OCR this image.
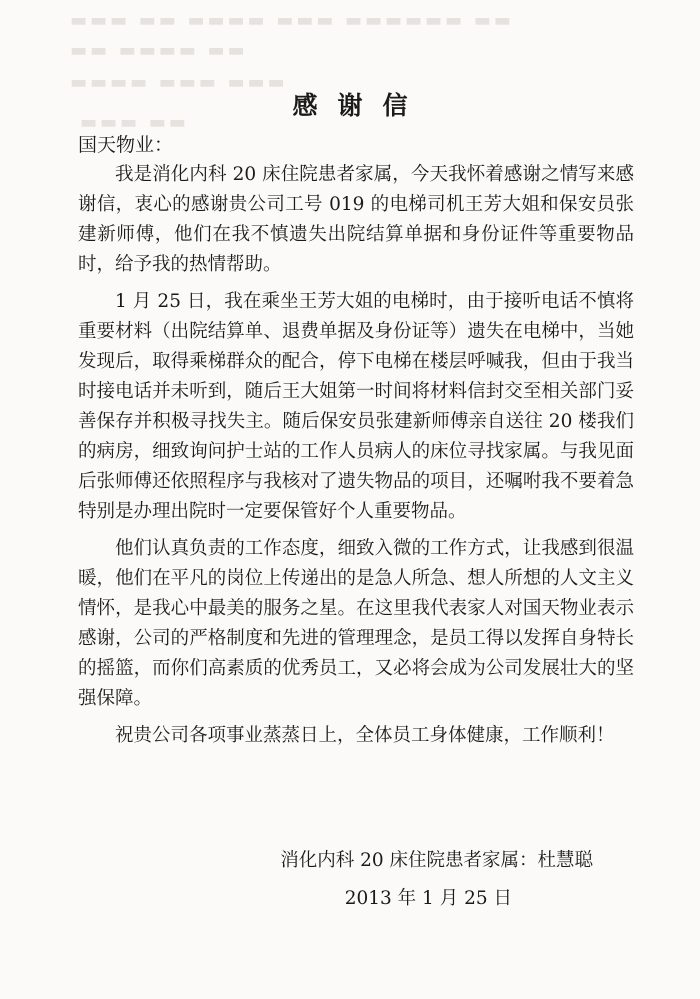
▬▬▬ ▬▬ ▬▬▬▬ ▬▬▬ ▬▬▬▬▬▬ ▬▬
▬▬ ▬▬▬▬ ▬▬
▬▬▬▬ ▬▬▬ ▬▬▬
▬▬▬ ▬▬
感谢信
国天物业：

我是消化内科 20 床住院患者家属，今天我怀着感谢之情写来感谢信，衷心的感谢贵公司工号 019 的电梯司机王芳大姐和保安员张建新师傅，他们在我不慎遗失出院结算单据和身份证件等重要物品时，给予我的热情帮助。

1 月 25 日，我在乘坐王芳大姐的电梯时，由于接听电话不慎将重要材料（出院结算单、退费单据及身份证等）遗失在电梯中，当她发现后，取得乘梯群众的配合，停下电梯在楼层呼喊我，但由于我当时接电话并未听到，随后王大姐第一时间将材料信封交至相关部门妥善保存并积极寻找失主。随后保安员张建新师傅亲自送往 20 楼我们的病房，细致询问护士站的工作人员病人的床位寻找家属。与我见面后张师傅还依照程序与我核对了遗失物品的项目，还嘱咐我不要着急特别是办理出院时一定要保管好个人重要物品。

他们认真负责的工作态度，细致入微的工作方式，让我感到很温暖，他们在平凡的岗位上传递出的是急人所急、想人所想的人文主义情怀，是我心中最美的服务之星。在这里我代表家人对国天物业表示感谢，公司的严格制度和先进的管理理念，是员工得以发挥自身特长的摇篮，而你们高素质的优秀员工，又必将会成为公司发展壮大的坚强保障。

祝贵公司各项事业蒸蒸日上，全体员工身体健康，工作顺利！

消化内科 20 床住院患者家属：杜慧聪
2013 年 1 月 25 日
